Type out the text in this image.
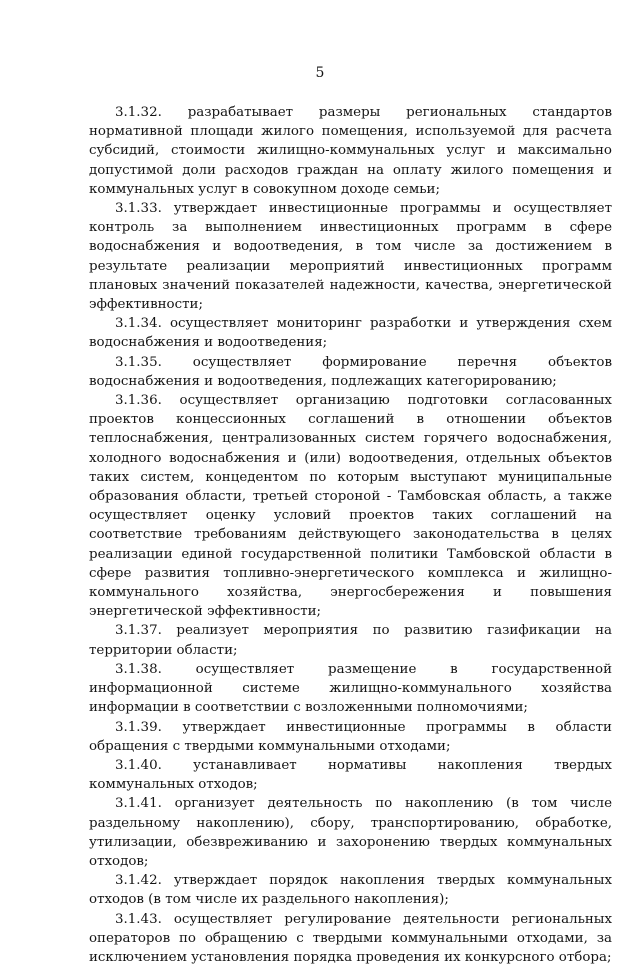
5

3.1.32. разрабатывает размеры региональных стандартов нормативной площади жилого помещения, используемой для расчета субсидий, стоимости жилищно-коммунальных услуг и максимально допустимой доли расходов граждан на оплату жилого помещения и коммунальных услуг в совокупном доходе семьи;

3.1.33. утверждает инвестиционные программы и осуществляет контроль за выполнением инвестиционных программ в сфере водоснабжения и водоотведения, в том числе за достижением в результате реализации мероприятий инвестиционных программ плановых значений показателей надежности, качества, энергетической эффективности;

3.1.34. осуществляет мониторинг разработки и утверждения схем водоснабжения и водоотведения;

3.1.35. осуществляет формирование перечня объектов водоснабжения и водоотведения, подлежащих категорированию;

3.1.36. осуществляет организацию подготовки согласованных проектов концессионных соглашений в отношении объектов теплоснабжения, централизованных систем горячего водоснабжения, холодного водоснабжения и (или) водоотведения, отдельных объектов таких систем, концедентом по которым выступают муниципальные образования области, третьей стороной - Тамбовская область, а также осуществляет оценку условий проектов таких соглашений на соответствие требованиям действующего законодательства в целях реализации единой государственной политики Тамбовской области в сфере развития топливно-энергетического комплекса и жилищно-коммунального хозяйства, энергосбережения и повышения энергетической эффективности;

3.1.37. реализует мероприятия по развитию газификации на территории области;

3.1.38. осуществляет размещение в государственной информационной системе жилищно-коммунального хозяйства информации в соответствии с возложенными полномочиями;

3.1.39. утверждает инвестиционные программы в области обращения с твердыми коммунальными отходами;

3.1.40. устанавливает нормативы накопления твердых коммунальных отходов;

3.1.41. организует деятельность по накоплению (в том числе раздельному накоплению), сбору, транспортированию, обработке, утилизации, обезвреживанию и захоронению твердых коммунальных отходов;

3.1.42. утверждает порядок накопления твердых коммунальных отходов (в том числе их раздельного накопления);

3.1.43. осуществляет регулирование деятельности региональных операторов по обращению с твердыми коммунальными отходами, за исключением установления порядка проведения их конкурсного отбора;
